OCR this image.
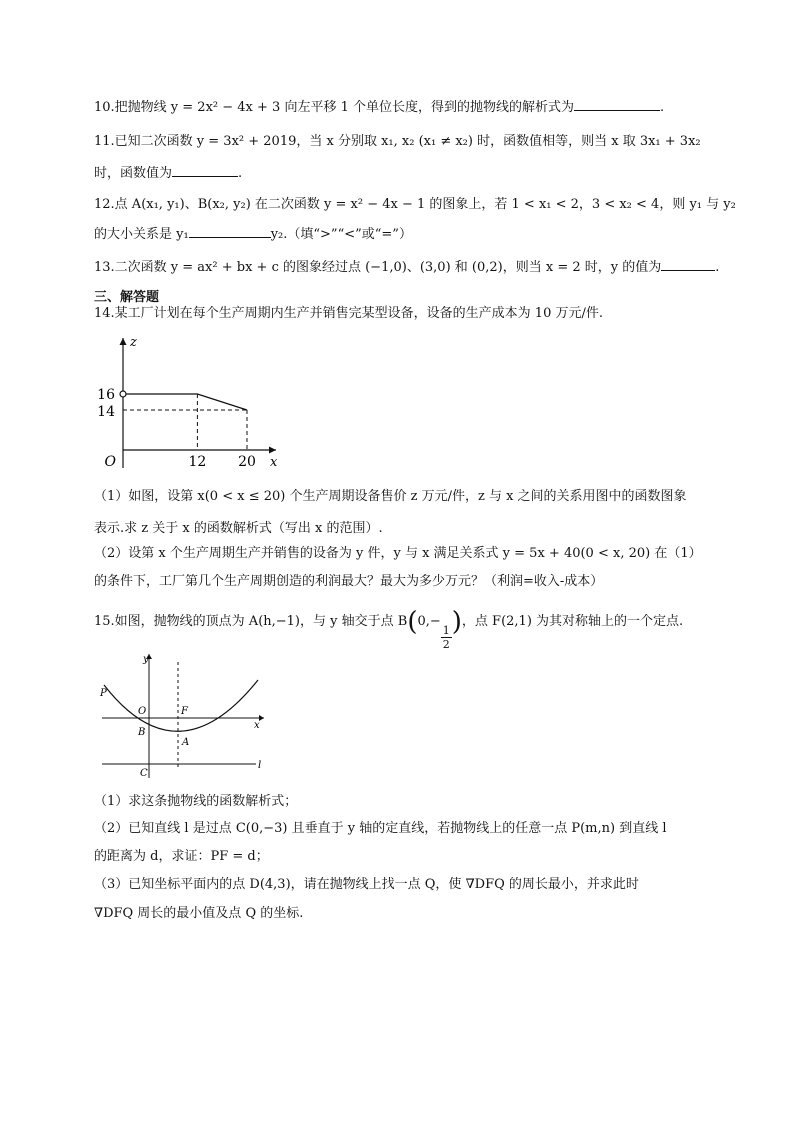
10.把抛物线 y = 2x² − 4x + 3 向左平移 1 个单位长度，得到的抛物线的解析式为	.
11.已知二次函数 y = 3x² + 2019，当 x 分别取 x₁, x₂ (x₁ ≠ x₂) 时，函数值相等，则当 x 取 3x₁ + 3x₂
时，函数值为	.
12.点 A(x₁, y₁)、B(x₂, y₂) 在二次函数 y = x² − 4x − 1 的图象上，若 1 < x₁ < 2，3 < x₂ < 4，则 y₁ 与 y₂
的大小关系是 y₁	y₂.（填“>”“<”或“=”）
13.二次函数 y = ax² + bx + c 的图象经过点 (−1,0)、(3,0) 和 (0,2)，则当 x = 2 时，y 的值为	.
三、解答题
14.某工厂计划在每个生产周期内生产并销售完某型设备，设备的生产成本为 10 万元/件.
16
14
12 20
O	x
z
（1）如图，设第 x(0 < x ≤ 20) 个生产周期设备售价 z 万元/件，z 与 x 之间的关系用图中的函数图象
表示.求 z 关于 x 的函数解析式（写出 x 的范围）.
（2）设第 x 个生产周期生产并销售的设备为 y 件，y 与 x 满足关系式 y = 5x + 40(0 < x, 20) 在（1）
的条件下，工厂第几个生产周期创造的利润最大？最大为多少万元？（利润=收入-成本）
15.如图，抛物线的顶点为 A(h,−1)，与 y 轴交于点 B(0,−
$\frac{1}{2}$
)，点 F(2,1) 为其对称轴上的一个定点.
P
O
B
F
A
C
l
x
y
（1）求这条抛物线的函数解析式；
（2）已知直线 l 是过点 C(0,−3) 且垂直于 y 轴的定直线，若抛物线上的任意一点 P(m,n) 到直线 l
的距离为 d，求证：PF = d；
（3）已知坐标平面内的点 D(4,3)，请在抛物线上找一点 Q，使 ∇DFQ 的周长最小，并求此时
∇DFQ 周长的最小值及点 Q 的坐标.
